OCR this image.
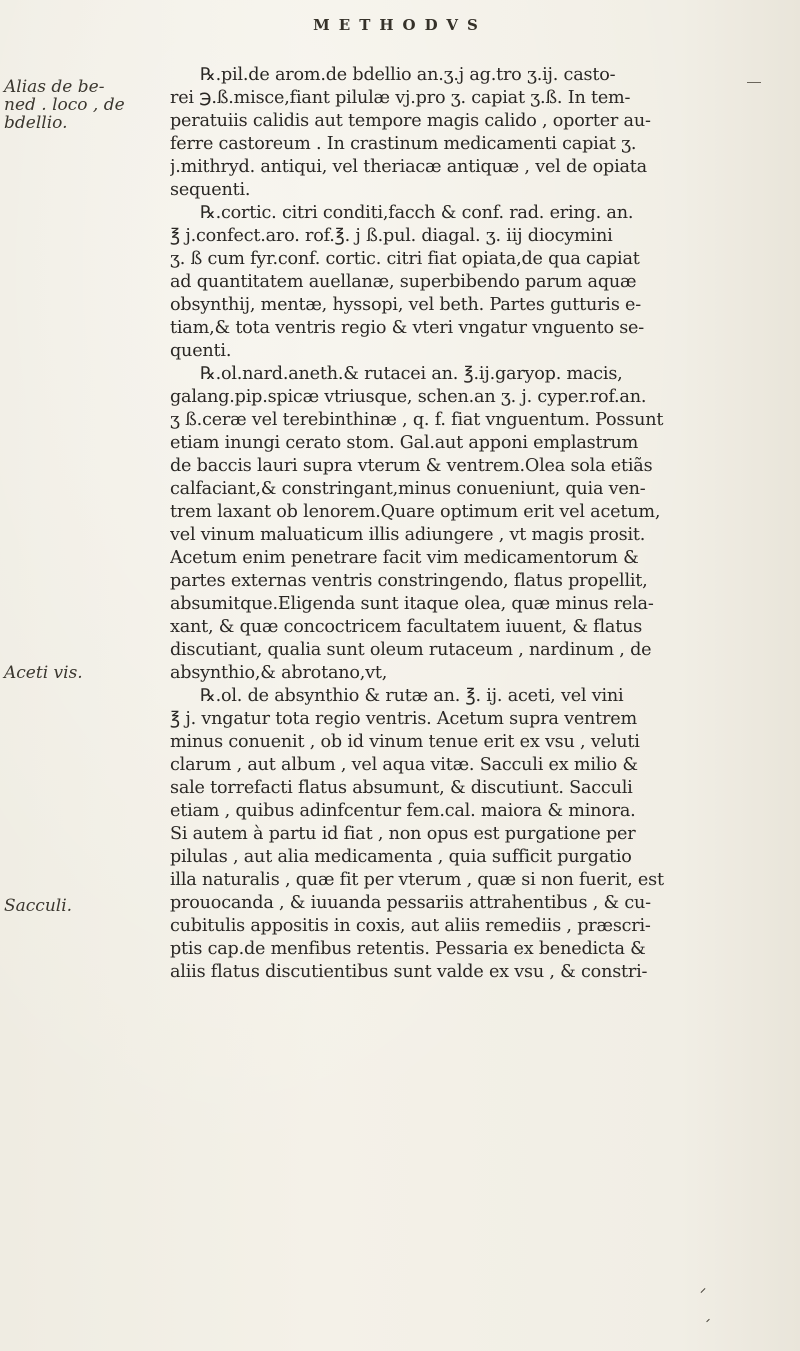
METHODVS
Alias de be-
ned . loco , de
bdellio.
Aceti vis.
Sacculi.
℞.pil.de arom.de bdellio an.ʒ.j ag.tro ʒ.ij. casto-
rei ℈.ß.misce,fiant pilulæ vj.pro ʒ. capiat ʒ.ß. In tem-
peratuiis calidis aut tempore magis calido , oporter au-
ferre castoreum . In crastinum medicamenti capiat ʒ.
j.mithryd. antiqui, vel theriacæ antiquæ , vel de opiata
sequenti.
℞.cortic. citri conditi,facch & conf. rad. ering. an.
℥ j.confect.aro. rof.℥. j ß.pul. diagal. ʒ. iij diocymini
ʒ. ß cum fyr.conf. cortic. citri fiat opiata,de qua capiat
ad quantitatem auellanæ, superbibendo parum aquæ
obsynthij, mentæ, hyssopi, vel beth. Partes gutturis e-
tiam,& tota ventris regio & vteri vngatur vnguento se-
quenti.
℞.ol.nard.aneth.& rutacei an. ℥.ij.garyop. macis,
galang.pip.spicæ vtriusque, schen.an ʒ. j. cyper.rof.an.
ʒ ß.ceræ vel terebinthinæ , q. f. fiat vnguentum. Possunt
etiam inungi cerato stom. Gal.aut apponi emplastrum
de baccis lauri supra vterum & ventrem.Olea sola etiãs
calfaciant,& constringant,minus conueniunt, quia ven-
trem laxant ob lenorem.Quare optimum erit vel acetum,
vel vinum maluaticum illis adiungere , vt magis prosit.
Acetum enim penetrare facit vim medicamentorum &
partes externas ventris constringendo, flatus propellit,
absumitque.Eligenda sunt itaque olea, quæ minus rela-
xant, & quæ concoctricem facultatem iuuent, & flatus
discutiant, qualia sunt oleum rutaceum , nardinum , de
absynthio,& abrotano,vt,
℞.ol. de absynthio & rutæ an. ℥. ij. aceti, vel vini
℥ j. vngatur tota regio ventris. Acetum supra ventrem
minus conuenit , ob id vinum tenue erit ex vsu , veluti
clarum , aut album , vel aqua vitæ. Sacculi ex milio &
sale torrefacti flatus absumunt, & discutiunt. Sacculi
etiam , quibus adinfcentur fem.cal. maiora & minora.
Si autem à partu id fiat , non opus est purgatione per
pilulas , aut alia medicamenta , quia sufficit purgatio
illa naturalis , quæ fit per vterum , quæ si non fuerit, est
prouocanda , & iuuanda pessariis attrahentibus , & cu-
cubitulis appositis in coxis, aut aliis remediis , præscri-
ptis cap.de menfibus retentis. Pessaria ex benedicta &
aliis flatus discutientibus sunt valde ex vsu , & constri-
